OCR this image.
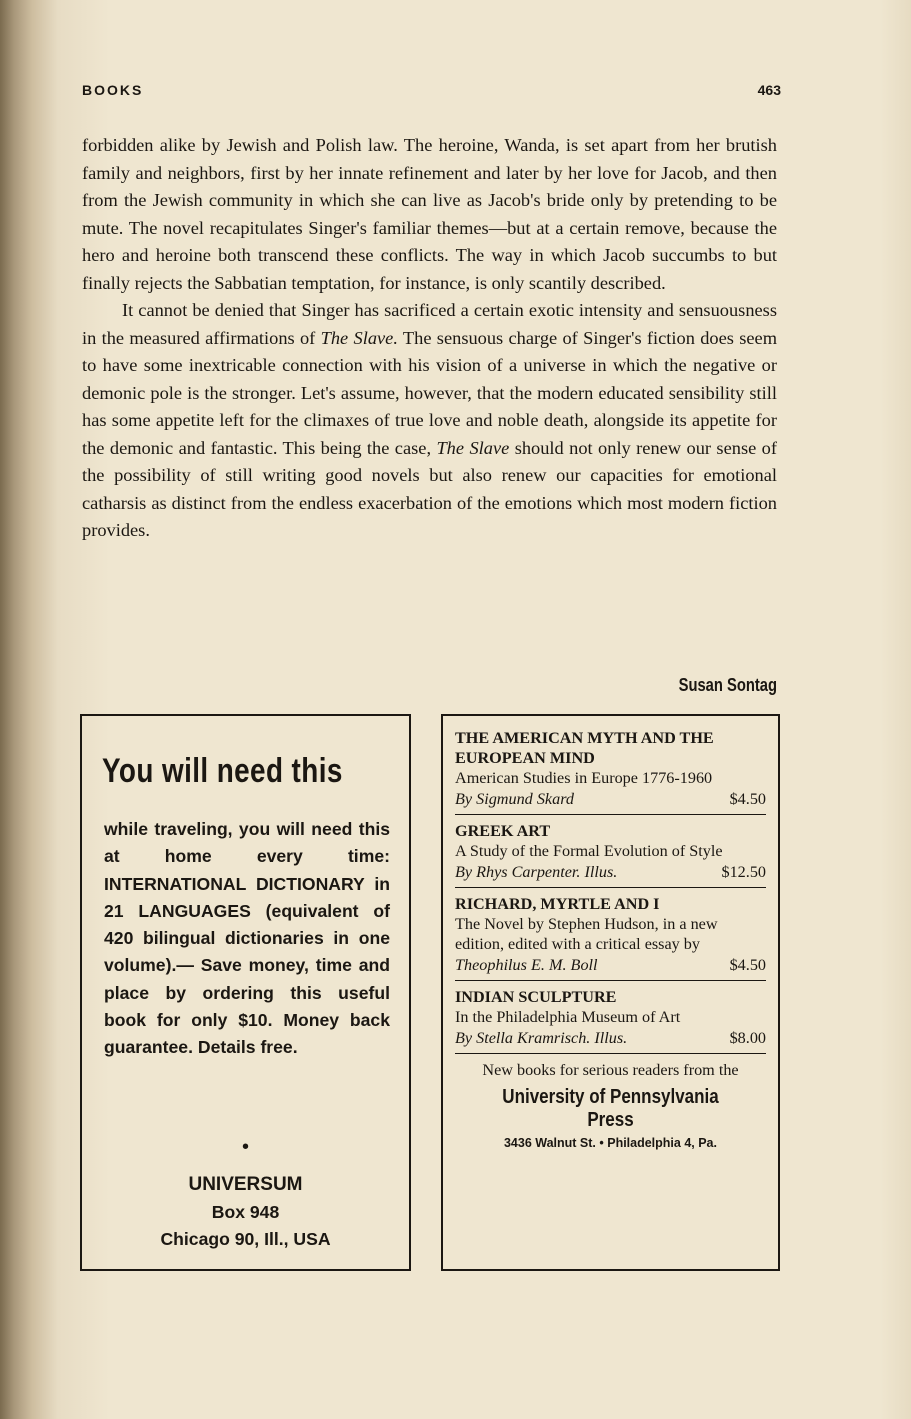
BOOKS	463

forbidden alike by Jewish and Polish law. The heroine, Wanda, is set apart from her brutish family and neighbors, first by her innate refinement and later by her love for Jacob, and then from the Jewish community in which she can live as Jacob's bride only by pretending to be mute. The novel recapitulates Singer's familiar themes—but at a certain remove, because the hero and heroine both transcend these conflicts. The way in which Jacob succumbs to but finally rejects the Sabbatian temptation, for instance, is only scantily described.

It cannot be denied that Singer has sacrificed a certain exotic intensity and sensuousness in the measured affirmations of The Slave. The sensuous charge of Singer's fiction does seem to have some inextricable connection with his vision of a universe in which the negative or demonic pole is the stronger. Let's assume, however, that the modern educated sensibility still has some appetite left for the climaxes of true love and noble death, alongside its appetite for the demonic and fantastic. This being the case, The Slave should not only renew our sense of the possibility of still writing good novels but also renew our capacities for emotional catharsis as distinct from the endless exacerbation of the emotions which most modern fiction provides.

Susan Sontag
You will need this
while traveling, you will need this at home every time: INTERNATIONAL DICTIONARY in 21 LANGUAGES (equivalent of 420 bilingual dictionaries in one volume).— Save money, time and place by ordering this useful book for only $10. Money back guarantee. Details free.
•
UNIVERSUM
Box 948
Chicago 90, Ill., USA
THE AMERICAN MYTH AND THE EUROPEAN MIND
American Studies in Europe 1776-1960
By Sigmund Skard	$4.50
GREEK ART
A Study of the Formal Evolution of Style
By Rhys Carpenter. Illus.	$12.50
RICHARD, MYRTLE AND I
The Novel by Stephen Hudson, in a new edition, edited with a critical essay by
Theophilus E. M. Boll	$4.50
INDIAN SCULPTURE
In the Philadelphia Museum of Art
By Stella Kramrisch. Illus.	$8.00
New books for serious readers from the
University of Pennsylvania Press
3436 Walnut St. • Philadelphia 4, Pa.
